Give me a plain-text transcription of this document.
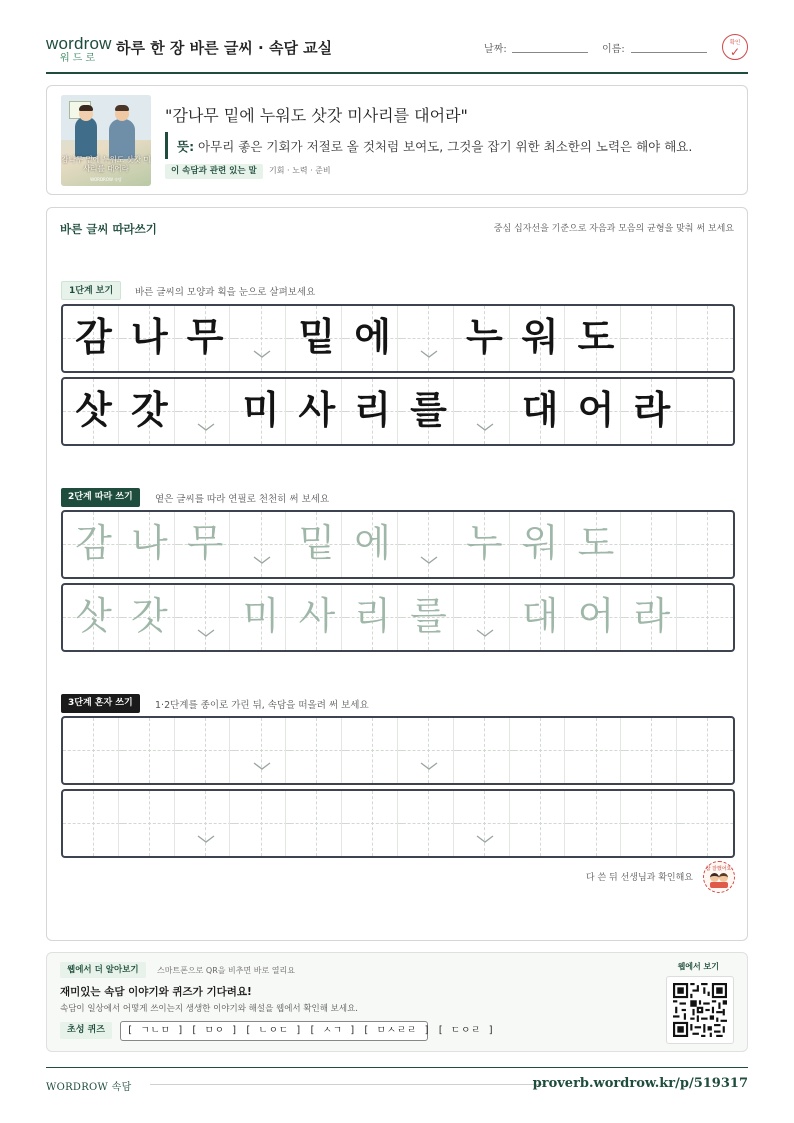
wordrow
워드로
하루 한 장 바른 글씨 · 속담 교실	날짜:	이름:
확인
✓
감나무 밑에 누워도 삿갓 미사리를 대어라
WORDROW 속담
"감나무 밑에 누워도 삿갓 미사리를 대어라"
뜻: 아무리 좋은 기회가 저절로 올 것처럼 보여도, 그것을 잡기 위한 최소한의 노력은 해야 해요.
이 속담과 관련 있는 말	기회 · 노력 · 준비
바른 글씨 따라쓰기	중심 십자선을 기준으로 자음과 모음의 균형을 맞춰 써 보세요
1단계 보기	바른 글씨의 모양과 획을 눈으로 살펴보세요
감 나 무	밑 에	누 워 도
삿 갓	미 사 리 를	대 어 라
2단계 따라 쓰기	옅은 글씨를 따라 연필로 천천히 써 보세요
감 나 무	밑 에	누 워 도
삿 갓	미 사 리 를	대 어 라
3단계 혼자 쓰기	1·2단계를 종이로 가린 뒤, 속담을 떠올려 써 보세요
다 쓴 뒤 선생님과 확인해요
참 잘했어요
웹에서 더 알아보기	스마트폰으로 QR을 비추면 바로 열리요
재미있는 속담 이야기와 퀴즈가 기다려요!
속담이 일상에서 어떻게 쓰이는지 생생한 이야기와 해설을 웹에서 확인해 보세요.
초성 퀴즈	[ ㄱㄴㅁ ] [ ㅁㅇ ] [ ㄴㅇㄷ ] [ ㅅㄱ ] [ ㅁㅅㄹㄹ ] [ ㄷㅇㄹ ]
웹에서 보기
WORDROW 속담	proverb.wordrow.kr/p/519317
